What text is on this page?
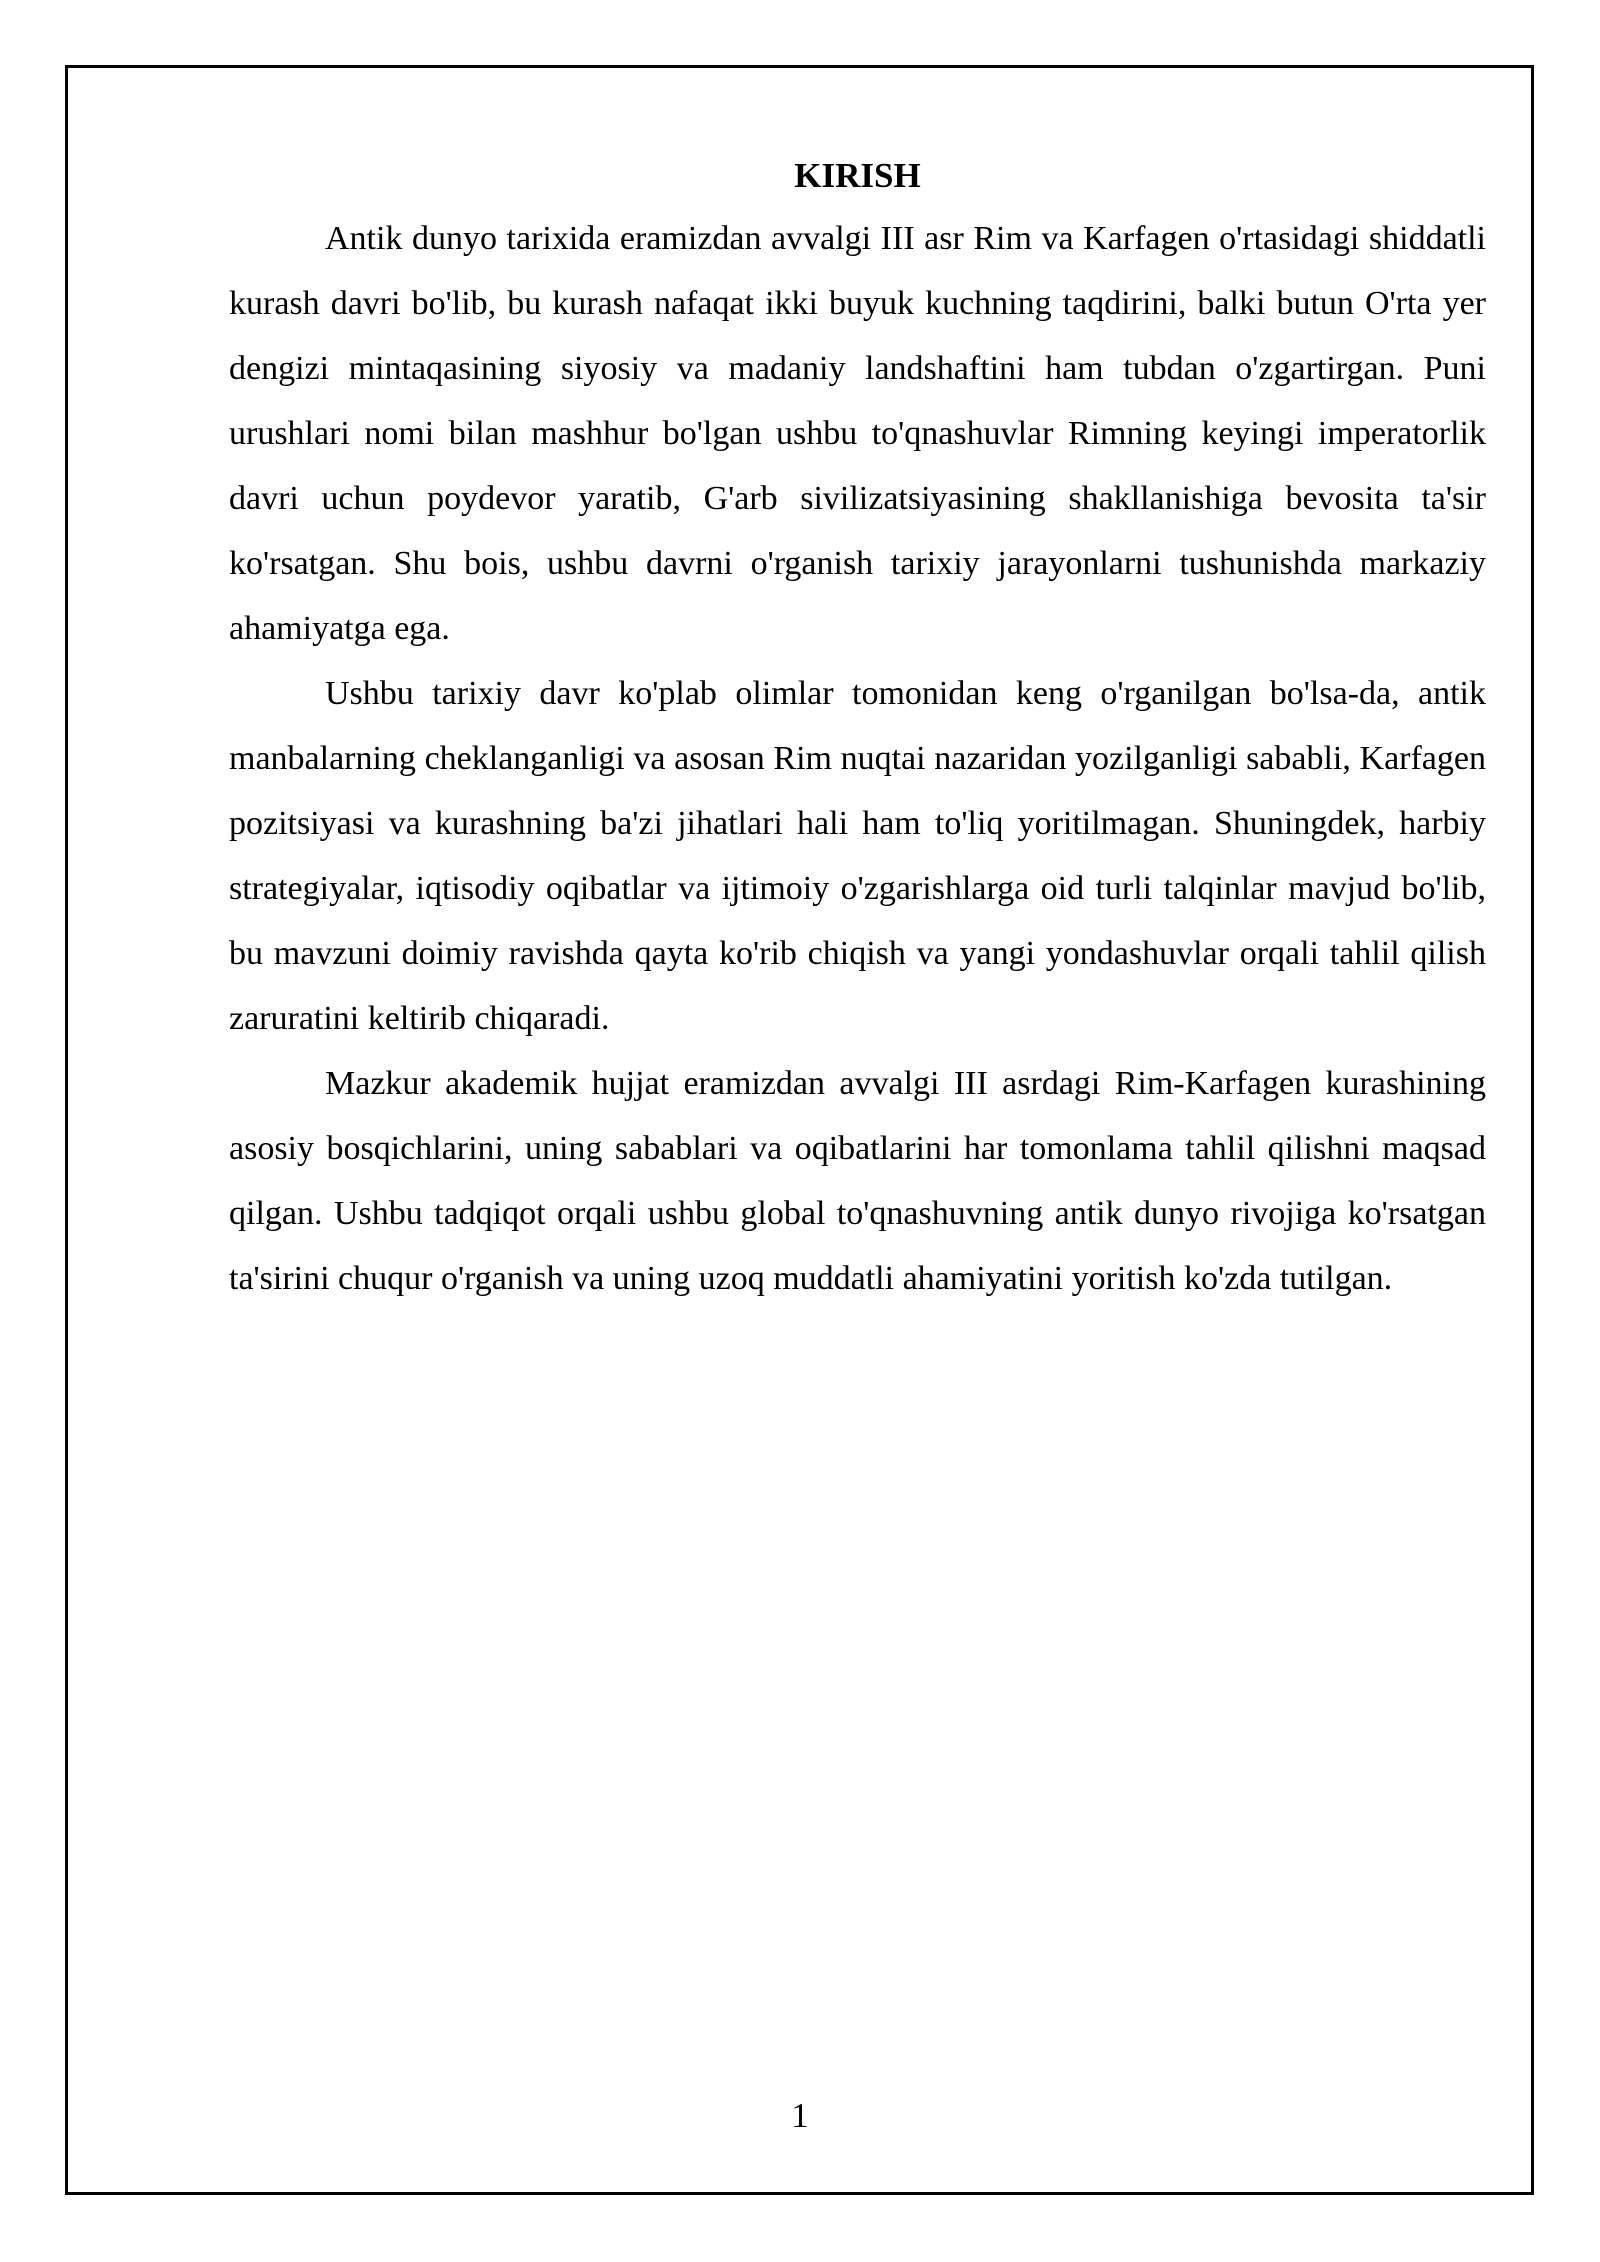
KIRISH

Antik dunyo tarixida eramizdan avvalgi III asr Rim va Karfagen o'rtasidagi shiddatli kurash davri bo'lib, bu kurash nafaqat ikki buyuk kuchning taqdirini, balki butun O'rta yer dengizi mintaqasining siyosiy va madaniy landshaftini ham tubdan o'zgartirgan. Puni urushlari nomi bilan mashhur bo'lgan ushbu to'qnashuvlar Rimning keyingi imperatorlik davri uchun poydevor yaratib, G'arb sivilizatsiyasining shakllanishiga bevosita ta'sir ko'rsatgan. Shu bois, ushbu davrni o'rganish tarixiy jarayonlarni tushunishda markaziy ahamiyatga ega.

Ushbu tarixiy davr ko'plab olimlar tomonidan keng o'rganilgan bo'lsa-da, antik manbalarning cheklanganligi va asosan Rim nuqtai nazaridan yozilganligi sababli, Karfagen pozitsiyasi va kurashning ba'zi jihatlari hali ham to'liq yoritilmagan. Shuningdek, harbiy strategiyalar, iqtisodiy oqibatlar va ijtimoiy o'zgarishlarga oid turli talqinlar mavjud bo'lib, bu mavzuni doimiy ravishda qayta ko'rib chiqish va yangi yondashuvlar orqali tahlil qilish zaruratini keltirib chiqaradi.

Mazkur akademik hujjat eramizdan avvalgi III asrdagi Rim-Karfagen kurashining asosiy bosqichlarini, uning sabablari va oqibatlarini har tomonlama tahlil qilishni maqsad qilgan. Ushbu tadqiqot orqali ushbu global to'qnashuvning antik dunyo rivojiga ko'rsatgan ta'sirini chuqur o'rganish va uning uzoq muddatli ahamiyatini yoritish ko'zda tutilgan.

1
